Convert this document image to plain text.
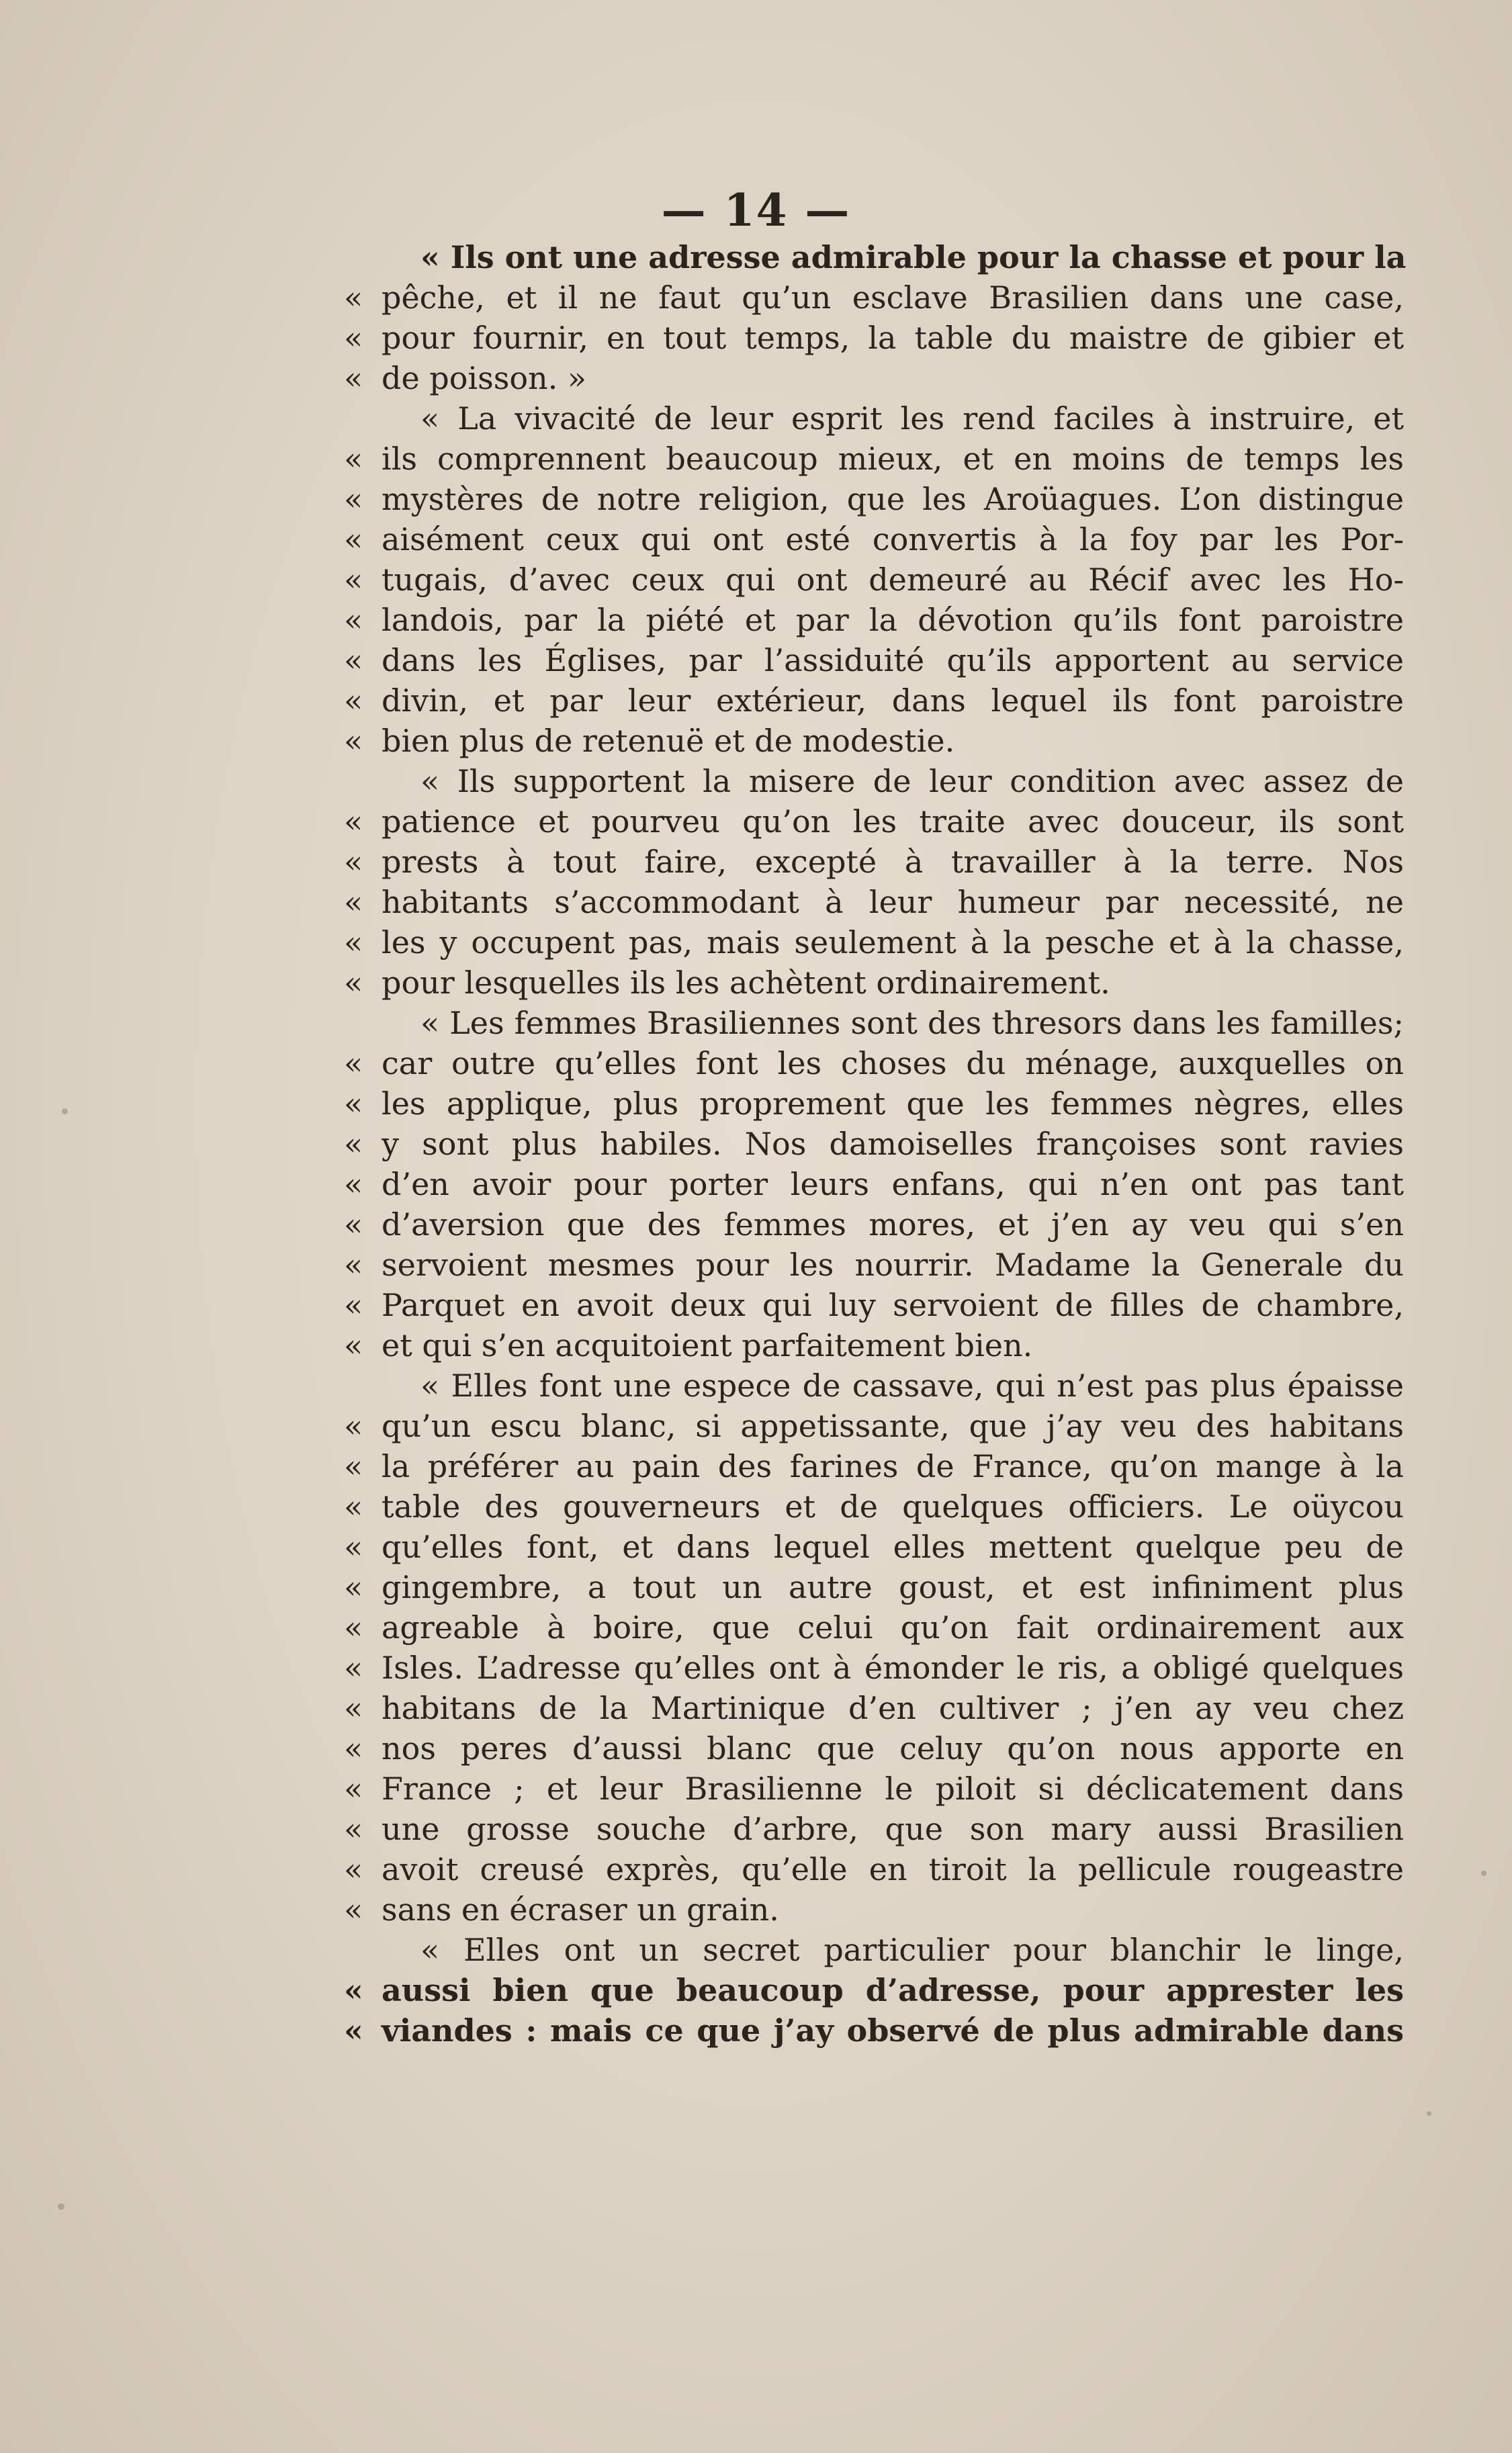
— 14 —
« Ils ont une adresse admirable pour la chasse et pour la
« pêche, et il ne faut qu’un esclave Brasilien dans une case,
« pour fournir, en tout temps, la table du maistre de gibier et
« de poisson. »
« La vivacité de leur esprit les rend faciles à instruire, et
« ils comprennent beaucoup mieux, et en moins de temps les
« mystères de notre religion, que les Aroüagues. L’on distingue
« aisément ceux qui ont esté convertis à la foy par les Por-
« tugais, d’avec ceux qui ont demeuré au Récif avec les Ho-
« landois, par la piété et par la dévotion qu’ils font paroistre
« dans les Églises, par l’assiduité qu’ils apportent au service
« divin, et par leur extérieur, dans lequel ils font paroistre
« bien plus de retenuë et de modestie.
« Ils supportent la misere de leur condition avec assez de
« patience et pourveu qu’on les traite avec douceur, ils sont
« prests à tout faire, excepté à travailler à la terre. Nos
« habitants s’accommodant à leur humeur par necessité, ne
« les y occupent pas, mais seulement à la pesche et à la chasse,
« pour lesquelles ils les achètent ordinairement.
« Les femmes Brasiliennes sont des thresors dans les familles;
« car outre qu’elles font les choses du ménage, auxquelles on
« les applique, plus proprement que les femmes nègres, elles
« y sont plus habiles. Nos damoiselles françoises sont ravies
« d’en avoir pour porter leurs enfans, qui n’en ont pas tant
« d’aversion que des femmes mores, et j’en ay veu qui s’en
« servoient mesmes pour les nourrir. Madame la Generale du
« Parquet en avoit deux qui luy servoient de filles de chambre,
« et qui s’en acquitoient parfaitement bien.
« Elles font une espece de cassave, qui n’est pas plus épaisse
« qu’un escu blanc, si appetissante, que j’ay veu des habitans
« la préférer au pain des farines de France, qu’on mange à la
« table des gouverneurs et de quelques officiers. Le oüycou
« qu’elles font, et dans lequel elles mettent quelque peu de
« gingembre, a tout un autre goust, et est infiniment plus
« agreable à boire, que celui qu’on fait ordinairement aux
« Isles. L’adresse qu’elles ont à émonder le ris, a obligé quelques
« habitans de la Martinique d’en cultiver ; j’en ay veu chez
« nos peres d’aussi blanc que celuy qu’on nous apporte en
« France ; et leur Brasilienne le piloit si déclicatement dans
« une grosse souche d’arbre, que son mary aussi Brasilien
« avoit creusé exprès, qu’elle en tiroit la pellicule rougeastre
« sans en écraser un grain.
« Elles ont un secret particulier pour blanchir le linge,
« aussi bien que beaucoup d’adresse, pour apprester les
« viandes : mais ce que j’ay observé de plus admirable dans
